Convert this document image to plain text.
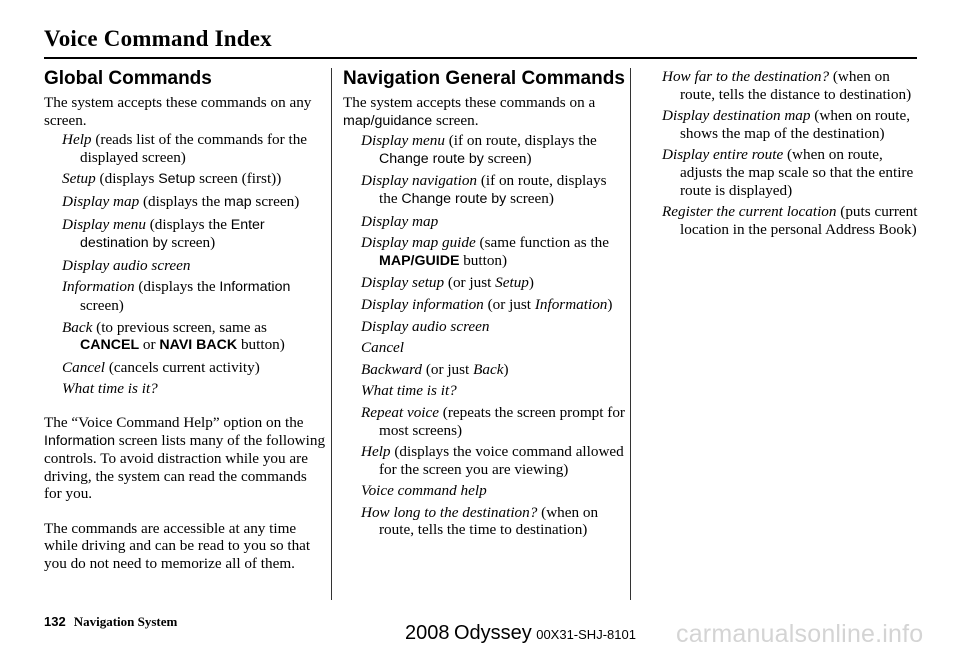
Voice Command Index
Global Commands

The system accepts these commands on any screen.

Help (reads list of the commands for the displayed screen)

Setup (displays Setup screen (first))

Display map (displays the map screen)

Display menu (displays the Enter destination by screen)

Display audio screen

Information (displays the Information screen)

Back (to previous screen, same as CANCEL or NAVI BACK button)

Cancel (cancels current activity)

What time is it?

The “Voice Command Help” option on the Information screen lists many of the following controls. To avoid distraction while you are driving, the system can read the commands for you.

The commands are accessible at any time while driving and can be read to you so that you do not need to memorize all of them.

Navigation General Commands

The system accepts these commands on a map/guidance screen.

Display menu (if on route, displays the Change route by screen)

Display navigation (if on route, displays the Change route by screen)

Display map

Display map guide (same function as the MAP/GUIDE button)

Display setup (or just Setup)

Display information (or just Information)

Display audio screen

Cancel

Backward (or just Back)

What time is it?

Repeat voice (repeats the screen prompt for most screens)

Help (displays the voice command allowed for the screen you are viewing)

Voice command help

How long to the destination? (when on route, tells the time to destination)

How far to the destination? (when on route, tells the distance to destination)

Display destination map (when on route, shows the map of the destination)

Display entire route (when on route, adjusts the map scale so that the entire route is displayed)

Register the current location (puts current location in the personal Address Book)

132 Navigation System
2008 Odyssey 00X31-SHJ-8101 carmanualsonline.info
